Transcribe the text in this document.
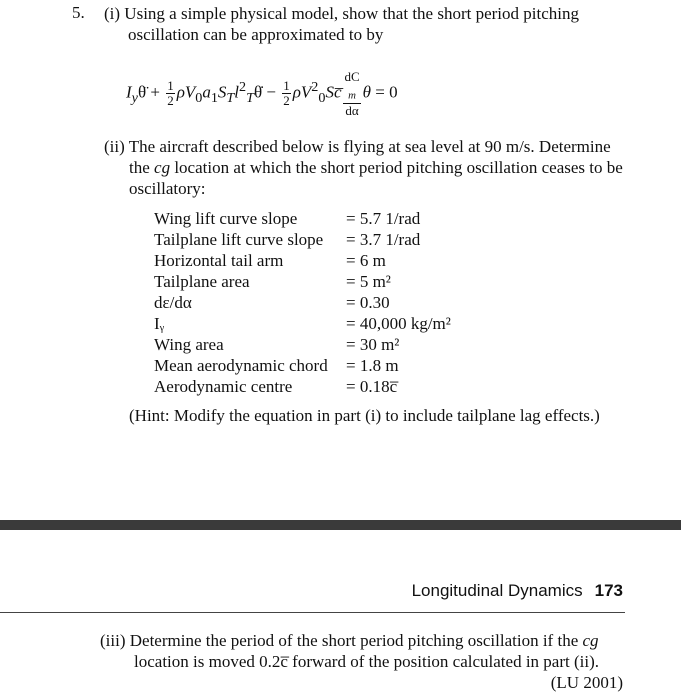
5. (i) Using a simple physical model, show that the short period pitching
oscillation can be approximated to by
$I_y\thetä + \frac{1}{2}$ $\rho V_0a_1S_Tl^2_T\thetȧ - \frac{1}{2}$ $\rho V^2_0Sc̅$ dC
$_m$
dα θ = 0
(ii) The aircraft described below is flying at sea level at 90 m/s. Determine
the cg location at which the short period pitching oscillation ceases to be
oscillatory:
Wing lift curve slope	= 5.7 1/rad
Tailplane lift curve slope	= 3.7 1/rad
Horizontal tail arm	= 6 m
Tailplane area	= 5 m²
dε/dα	= 0.30
Iᵧ	= 40,000 kg/m²
Wing area	= 30 m²
Mean aerodynamic chord	= 1.8 m
Aerodynamic centre	= 0.18c̅
(Hint: Modify the equation in part (i) to include tailplane lag effects.)
Longitudinal Dynamics 173
(iii) Determine the period of the short period pitching oscillation if the cg
location is moved 0.2c̅ forward of the position calculated in part (ii).
(LU 2001)
